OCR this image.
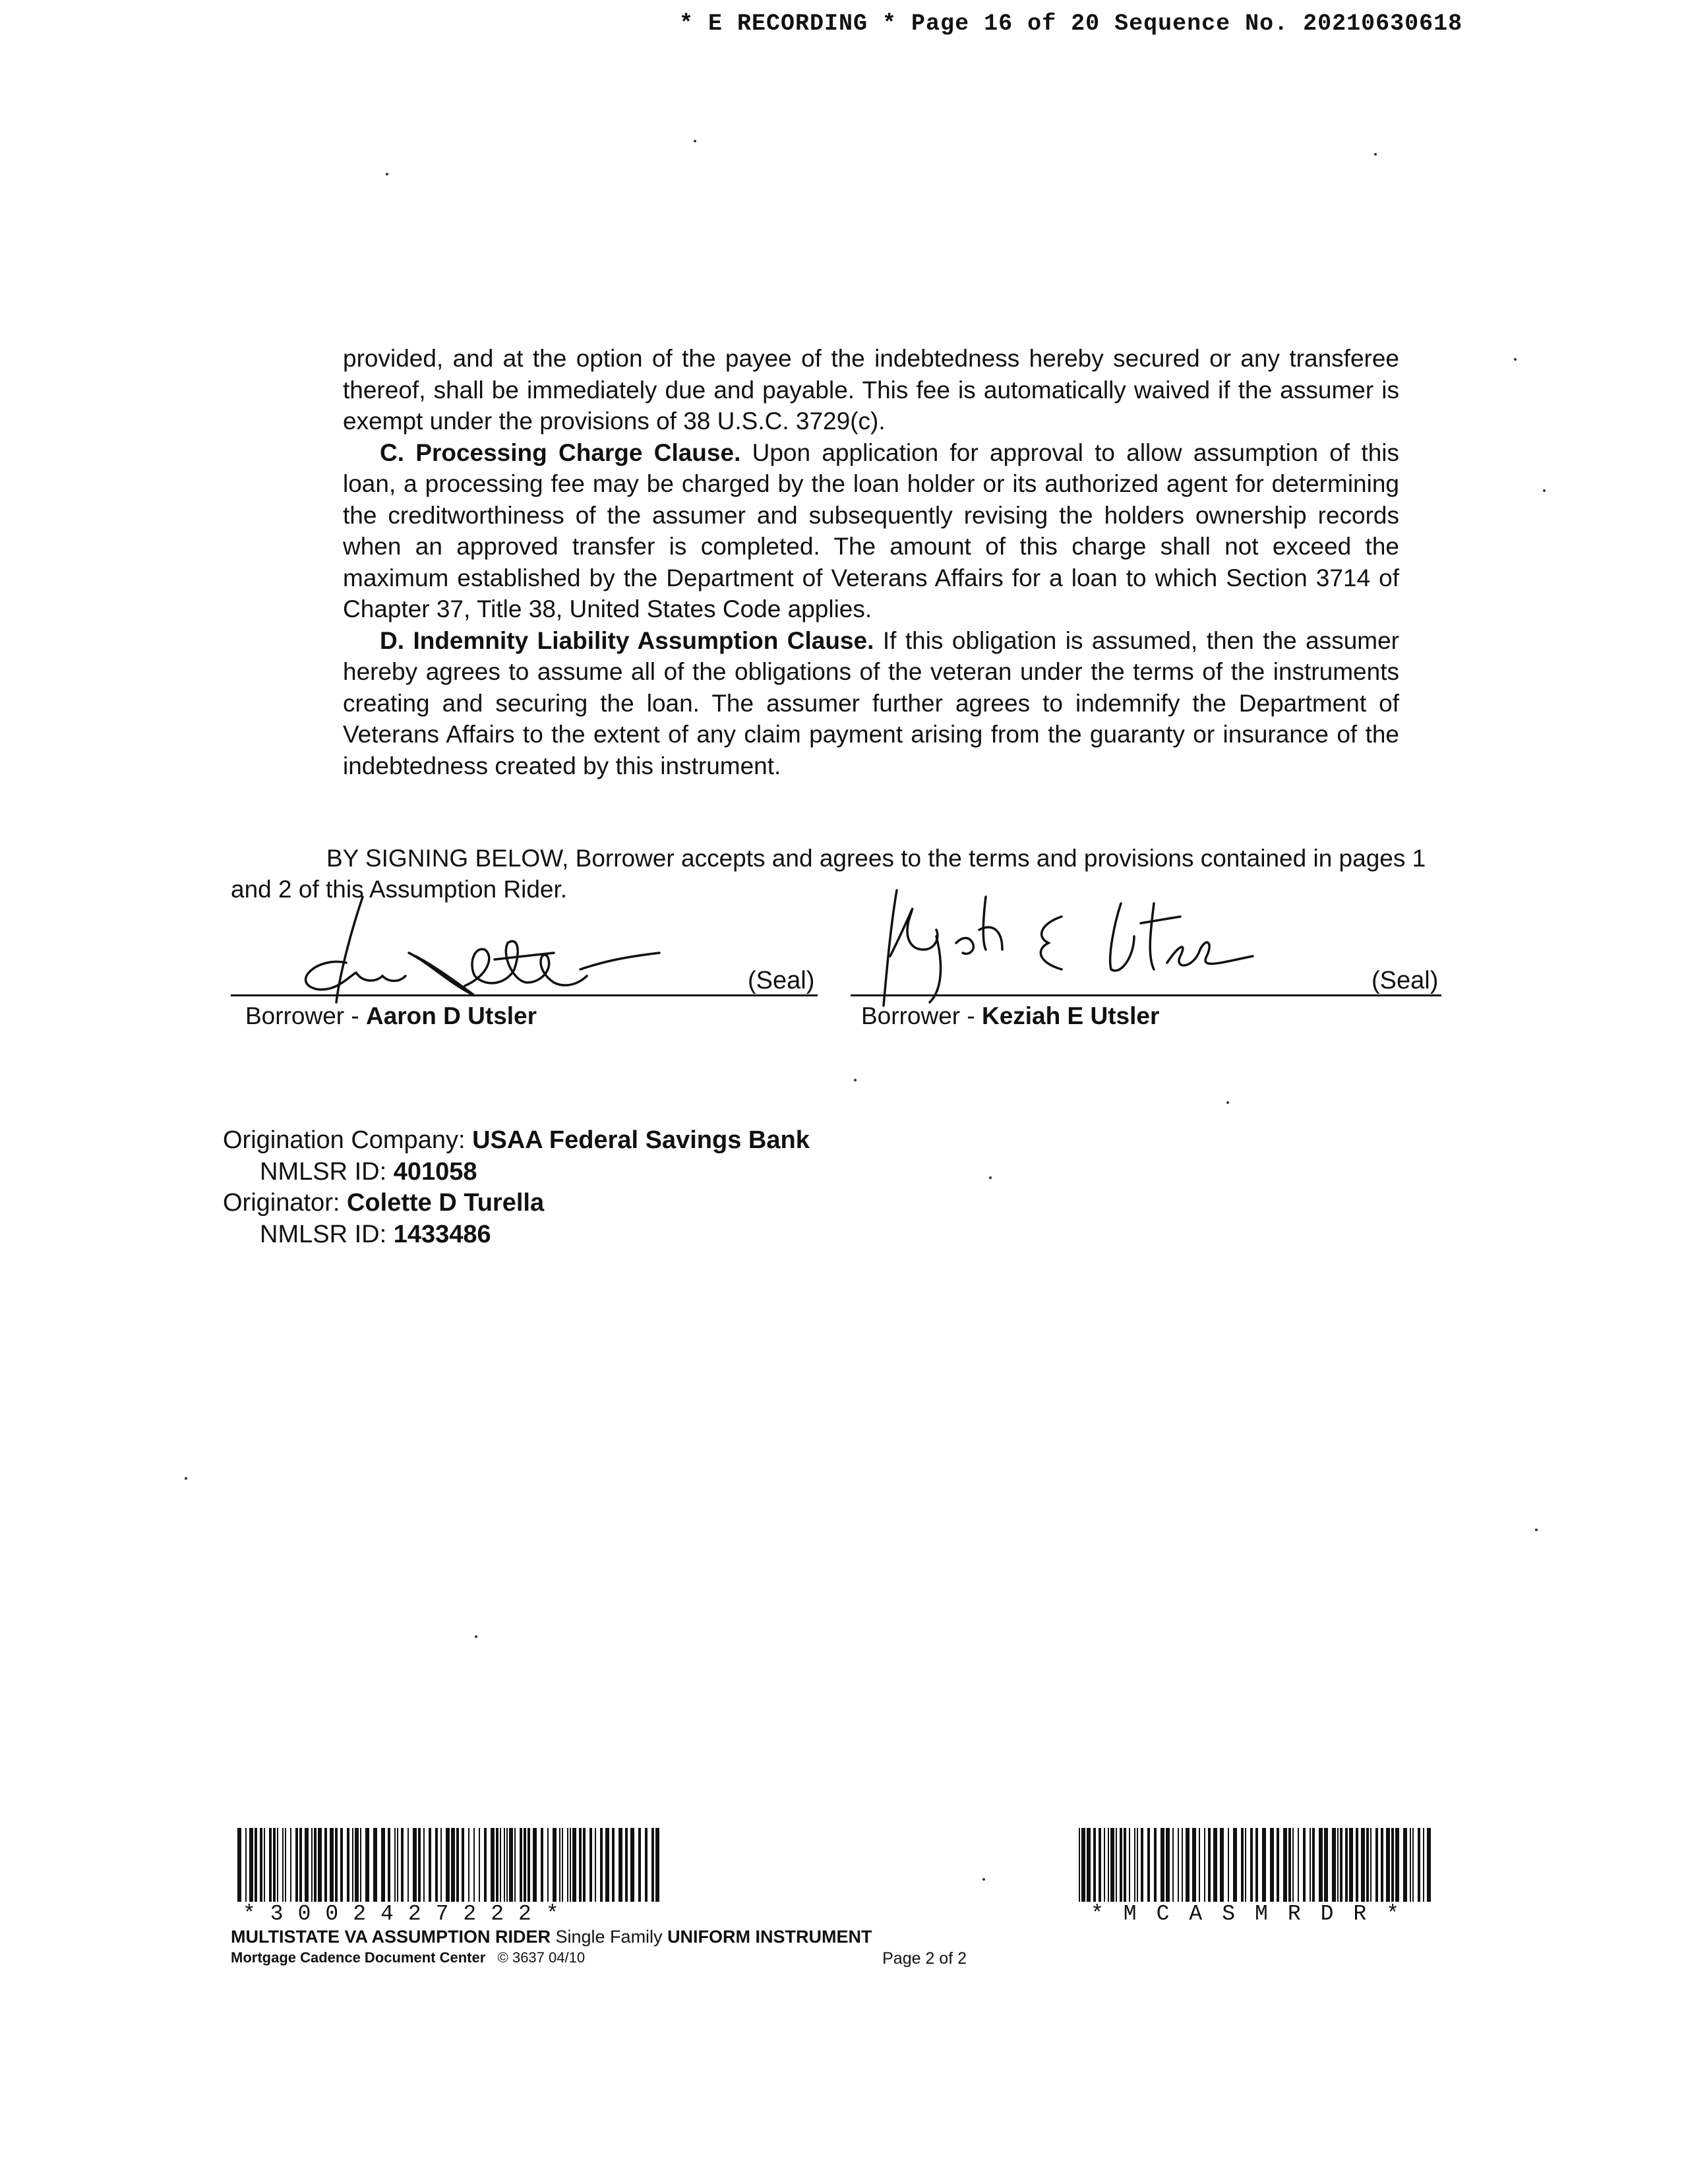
* E RECORDING * Page 16 of 20 Sequence No. 20210630618

provided, and at the option of the payee of the indebtedness hereby secured or any transferee thereof, shall be immediately due and payable. This fee is automatically waived if the assumer is exempt under the provisions of 38 U.S.C. 3729(c).

C. Processing Charge Clause. Upon application for approval to allow assumption of this loan, a processing fee may be charged by the loan holder or its authorized agent for determining the creditworthiness of the assumer and subsequently revising the holders ownership records when an approved transfer is completed. The amount of this charge shall not exceed the maximum established by the Department of Veterans Affairs for a loan to which Section 3714 of Chapter 37, Title 38, United States Code applies.

D. Indemnity Liability Assumption Clause. If this obligation is assumed, then the assumer hereby agrees to assume all of the obligations of the veteran under the terms of the instruments creating and securing the loan. The assumer further agrees to indemnify the Department of Veterans Affairs to the extent of any claim payment arising from the guaranty or insurance of the indebtedness created by this instrument.

BY SIGNING BELOW, Borrower accepts and agrees to the terms and provisions contained in pages 1 and 2 of this Assumption Rider.
(Seal)
Borrower - Aaron D Utsler
(Seal)
Borrower - Keziah E Utsler
Origination Company: USAA Federal Savings Bank
NMLSR ID: 401058
Originator: Colette D Turella
NMLSR ID: 1433486
*3002427222*	*MCASMRDR*
MULTISTATE VA ASSUMPTION RIDER Single Family UNIFORM INSTRUMENT
Mortgage Cadence Document Center © 3637 04/10	Page 2 of 2
